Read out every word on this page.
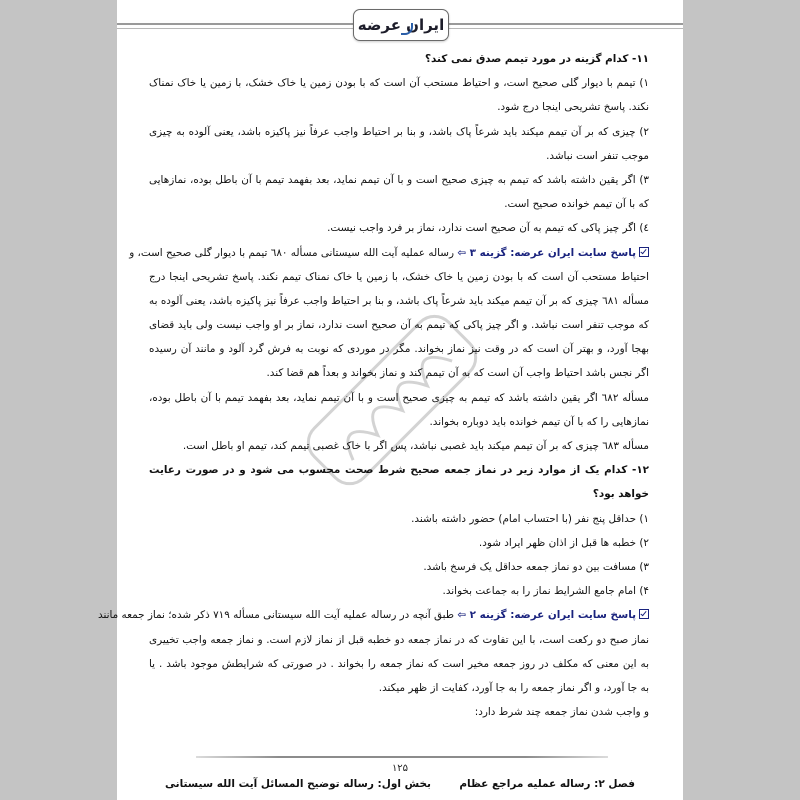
ایران عرضه
۱۱- کدام گزینه در مورد تیمم صدق نمی کند؟
۱) تیمم با دیوار گلی صحیح است، و احتیاط مستحب آن است که با بودن زمین یا خاک خشک، با زمین یا خاک نمناک
نکند. پاسخ تشریحی اینجا درج شود.
۲) چیزی که بر آن تیمم میکند باید شرعاً پاک باشد، و بنا بر احتیاط واجب عرفاً نیز پاکیزه باشد، یعنی آلوده به چیزی
موجب تنفر است نباشد.
۳) اگر یقین داشته باشد که تیمم به چیزی صحیح است و با آن تیمم نماید، بعد بفهمد تیمم با آن باطل بوده، نمازهایی
که با آن تیمم خوانده صحیح است.
٤) اگر چیز پاکی که تیمم به آن صحیح است ندارد، نماز بر فرد واجب نیست.
پاسخ سایت ایران عرضه: گزینه ۳ ⇦ رساله عملیه آیت الله سیستانی مسأله ٦٨٠ تیمم با دیوار گلی صحیح است، و
احتیاط مستحب آن است که با بودن زمین یا خاک خشک، با زمین یا خاک نمناک تیمم نکند. پاسخ تشریحی اینجا درج
مسأله ٦٨١ چیزی که بر آن تیمم میکند باید شرعاً پاک باشد، و بنا بر احتیاط واجب عرفاً نیز پاکیزه باشد، یعنی آلوده به
که موجب تنفر است نباشد. و اگر چیز پاکی که تیمم به آن صحیح است ندارد، نماز بر او واجب نیست ولی باید قضای
بهجا آورد، و بهتر آن است که در وقت نیز نماز بخواند. مگر در موردی که نوبت به فرش گرد آلود و مانند آن رسیده
اگر نجس باشد احتیاط واجب آن است که به آن تیمم کند و نماز بخواند و بعداً هم قضا کند.
مسأله ٦٨٢ اگر یقین داشته باشد که تیمم به چیزی صحیح است و با آن تیمم نماید، بعد بفهمد تیمم با آن باطل بوده،
نمازهایی را که با آن تیمم خوانده باید دوباره بخواند.
مسأله ٦٨٣ چیزی که بر آن تیمم میکند باید غصبی نباشد، پس اگر با خاک غصبی تیمم کند، تیمم او باطل است.
۱۲- کدام یک از موارد زیر در نماز جمعه صحیح شرط صحت محسوب می شود و در صورت رعایت
خواهد بود؟
۱) حداقل پنج نفر (با احتساب امام) حضور داشته باشند.
۲) خطبه ها قبل از اذان ظهر ایراد شود.
۳) مسافت بین دو نماز جمعه حداقل یک فرسخ باشد.
۴) امام جامع الشرایط نماز را به جماعت بخواند.
پاسخ سایت ایران عرضه: گزینه ۲ ⇦ طبق آنچه در رساله عملیه آیت الله سیستانی مسأله ۷۱۹ ذکر شده؛ نماز جمعه مانند
نماز صبح دو رکعت است، با این تفاوت که در نماز جمعه دو خطبه قبل از نماز لازم است. و نماز جمعه واجب تخییری
به این معنی که مکلف در روز جمعه مخیر است که نماز جمعه را بخواند . در صورتی که شرایطش موجود باشد . یا
به جا آورد، و اگر نماز جمعه را به جا آورد، کفایت از ظهر میکند.
و واجب شدن نماز جمعه چند شرط دارد:
۱۲۵
فصل ۲: رساله عملیه مراجع عظام
بخش اول: رساله توضیح المسائل آیت الله سیستانی
